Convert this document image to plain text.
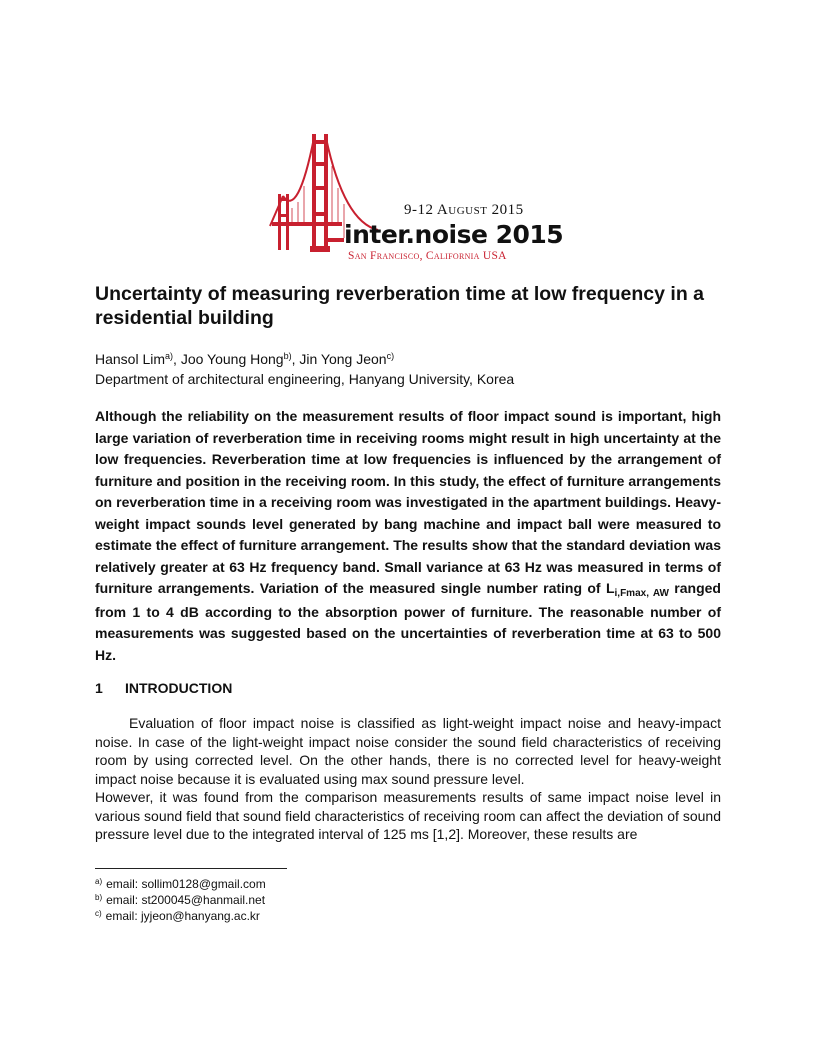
9-12 August 2015
inter.noise 2015
San Francisco, California USA
Uncertainty of measuring reverberation time at low frequency in a residential building
Hansol Lim$^{a)}$, Joo Young Hong$^{b)}$, Jin Yong Jeon$^{c)}$
Department of architectural engineering, Hanyang University, Korea

Although the reliability on the measurement results of floor impact sound is important, high large variation of reverberation time in receiving rooms might result in high uncertainty at the low frequencies. Reverberation time at low frequencies is influenced by the arrangement of furniture and position in the receiving room. In this study, the effect of furniture arrangements on reverberation time in a receiving room was investigated in the apartment buildings. Heavy-weight impact sounds level generated by bang machine and impact ball were measured to estimate the effect of furniture arrangement. The results show that the standard deviation was relatively greater at 63 Hz frequency band. Small variance at 63 Hz was measured in terms of furniture arrangements. Variation of the measured single number rating of $L_{i,Fmax, AW}$ ranged from 1 to 4 dB according to the absorption power of furniture. The reasonable number of measurements was suggested based on the uncertainties of reverberation time at 63 to 500 Hz.

1 INTRODUCTION

Evaluation of floor impact noise is classified as light-weight impact noise and heavy-impact noise. In case of the light-weight impact noise consider the sound field characteristics of receiving room by using corrected level. On the other hands, there is no corrected level for heavy-weight impact noise because it is evaluated using max sound pressure level.
However, it was found from the comparison measurements results of same impact noise level in various sound field that sound field characteristics of receiving room can affect the deviation of sound pressure level due to the integrated interval of 125 ms [1,2]. Moreover, these results are

$^{a)}$ email: sollim0128@gmail.com
$^{b)}$ email: st200045@hanmail.net
$^{c)}$ email: jyjeon@hanyang.ac.kr
